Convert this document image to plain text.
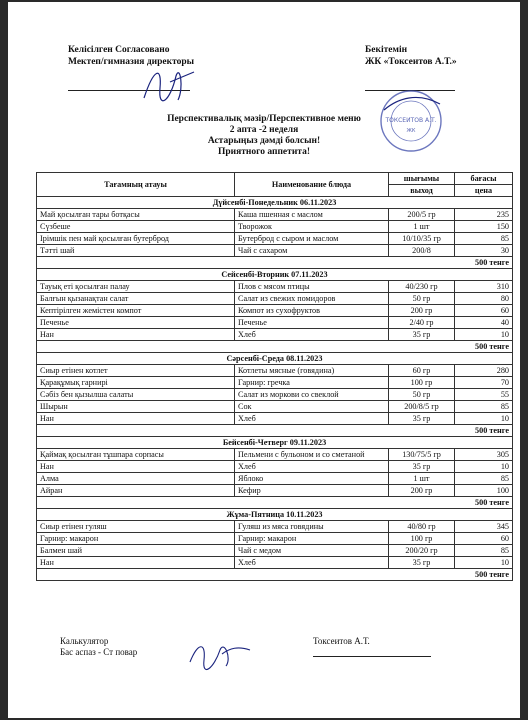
Келісілген Согласовано
Мектеп/гимназия директоры
Бекітемін
ЖК «Токсеитов А.Т.»
ТОКСЕИТОВ А.Т.
ЖК
Перспективалық мәзір/Перспективное меню
2 апта -2 неделя
Астарыңыз дәмді болсын!
Приятного аппетита!
Тағамның атауы	Наименование блюда	шығымы	бағасы
		выход	цена
Дүйсенбі-Понедельник 06.11.2023			
Май қосылған тары ботқасы	Каша пшенная с маслом	200/5 гр	235
Сүзбеше	Творожок	1 шт	150
Ірімшік пен май қосылған бутерброд	Бутерброд с сыром и маслом	10/10/35 гр	85
Тәтті шай	Чай с сахаром	200/8	30
500 тенге			
Сейсенбі-Вторник 07.11.2023			
Тауық еті қосылған палау	Плов с мясом птицы	40/230 гр	310
Балғын қызанақтан салат	Салат из свежих помидоров	50 гр	80
Кептірілген жемістен компот	Компот из сухофруктов	200 гр	60
Печенье	Печенье	2/40 гр	40
Нан	Хлеб	35 гр	10
500 тенге			
Сәрсенбі-Среда 08.11.2023			
Сиыр етінен котлет	Котлеты мясные (говядина)	60 гр	280
Қарақұмық гарнирі	Гарнир: гречка	100 гр	70
Сәбіз бен қызылша салаты	Салат из моркови со свеклой	50 гр	55
Шырын	Сок	200/8/5 гр	85
Нан	Хлеб	35 гр	10
500 тенге			
Бейсенбі-Четверг 09.11.2023			
Қаймақ қосылған тұшпара сорпасы	Пельмени с бульоном и со сметаной	130/75/5 гр	305
Нан	Хлеб	35 гр	10
Алма	Яблоко	1 шт	85
Айран	Кефир	200 гр	100
500 тенге			
Жұма-Пятница 10.11.2023			
Сиыр етінен гуляш	Гуляш из мяса говядины	40/80 гр	345
Гарнир: макарон	Гарнир: макарон	100 гр	60
Балмен шай	Чай с медом	200/20 гр	85
Нан	Хлеб	35 гр	10
500 тенге			
Калькулятор
Бас аспаз - Ст повар
Токсеитов А.Т.
